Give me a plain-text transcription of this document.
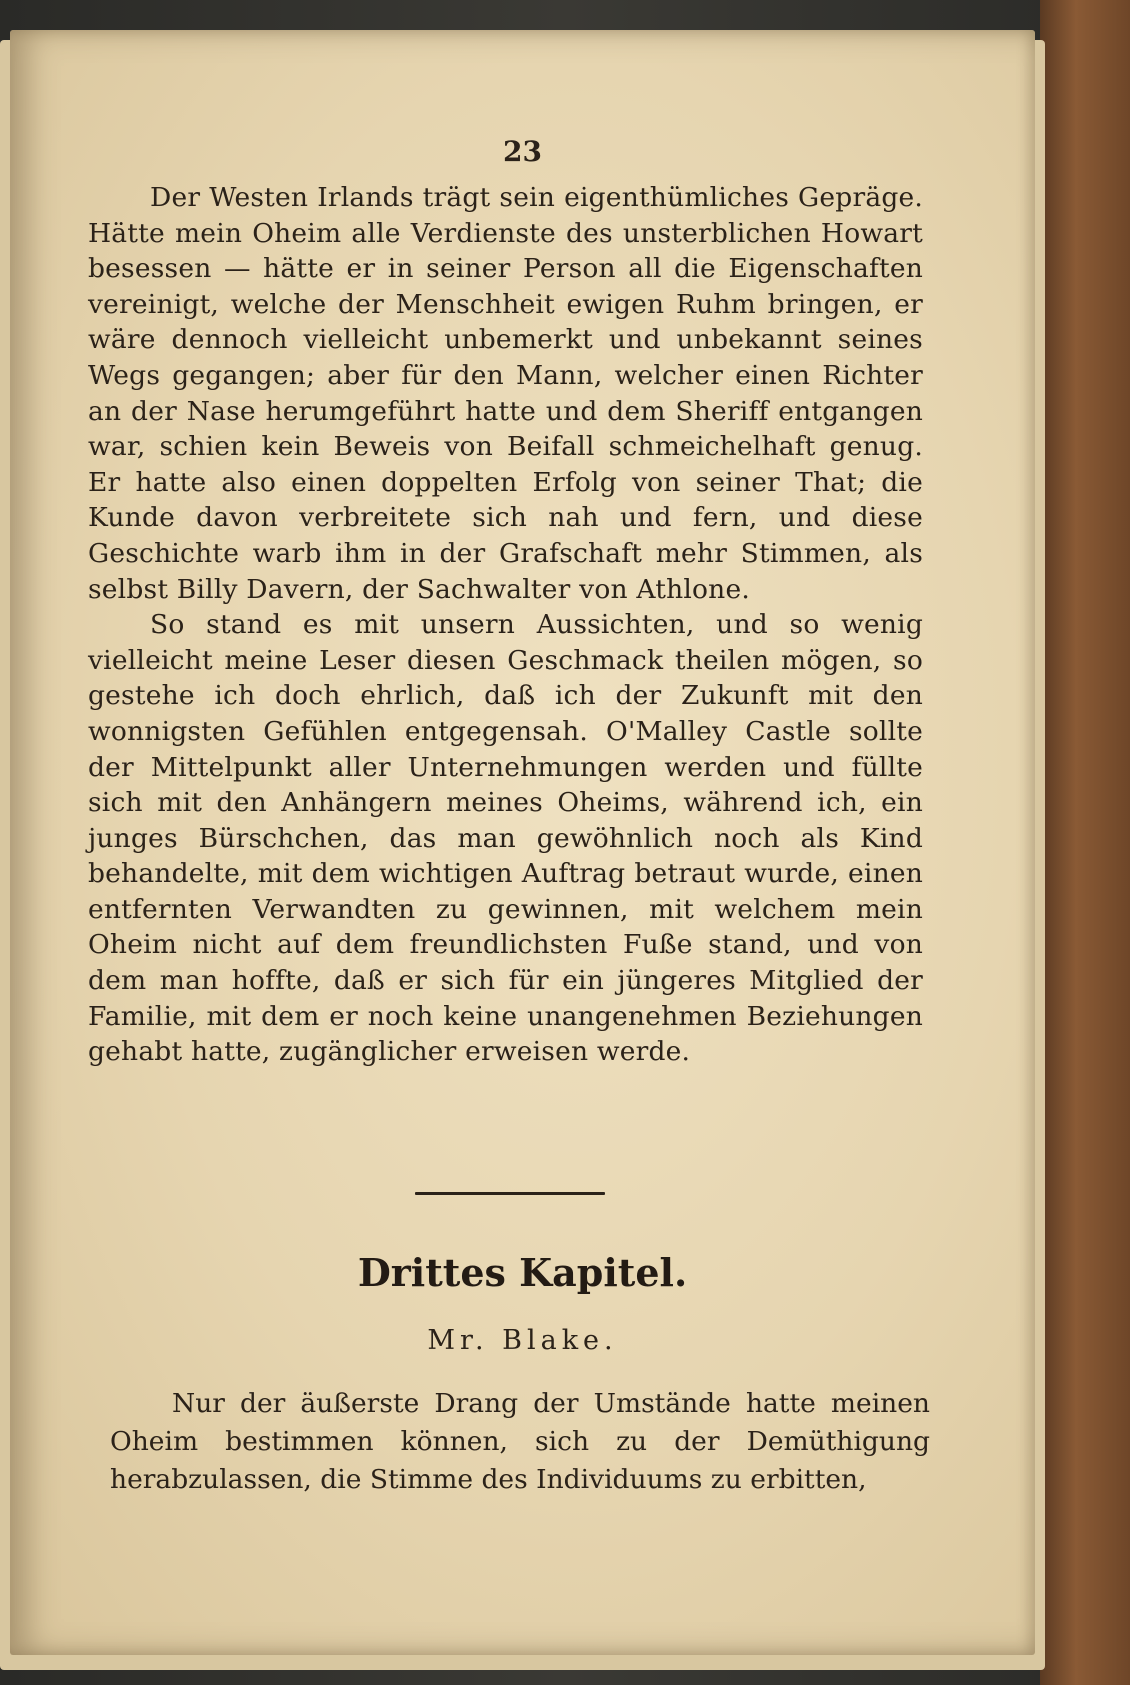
23

Der Westen Irlands trägt sein eigenthümliches Gepräge. Hätte mein Oheim alle Verdienste des unsterblichen Howart besessen — hätte er in seiner Person all die Eigenschaften vereinigt, welche der Menschheit ewigen Ruhm bringen, er wäre dennoch vielleicht unbemerkt und unbekannt seines Wegs gegangen; aber für den Mann, welcher einen Richter an der Nase herumgeführt hatte und dem Sheriff entgangen war, schien kein Beweis von Beifall schmeichelhaft genug. Er hatte also einen doppelten Erfolg von seiner That; die Kunde davon verbreitete sich nah und fern, und diese Geschichte warb ihm in der Grafschaft mehr Stimmen, als selbst Billy Davern, der Sachwalter von Athlone.

So stand es mit unsern Aussichten, und so wenig vielleicht meine Leser diesen Geschmack theilen mögen, so gestehe ich doch ehrlich, daß ich der Zukunft mit den wonnigsten Gefühlen entgegensah. O'Malley Castle sollte der Mittelpunkt aller Unternehmungen werden und füllte sich mit den Anhängern meines Oheims, während ich, ein junges Bürschchen, das man gewöhnlich noch als Kind behandelte, mit dem wichtigen Auftrag betraut wurde, einen entfernten Verwandten zu gewinnen, mit welchem mein Oheim nicht auf dem freundlichsten Fuße stand, und von dem man hoffte, daß er sich für ein jüngeres Mitglied der Familie, mit dem er noch keine unangenehmen Beziehungen gehabt hatte, zugänglicher erweisen werde.

Drittes Kapitel.

Mr. Blake.

Nur der äußerste Drang der Umstände hatte meinen Oheim bestimmen können, sich zu der Demüthigung herabzulassen, die Stimme des Individuums zu erbitten,
